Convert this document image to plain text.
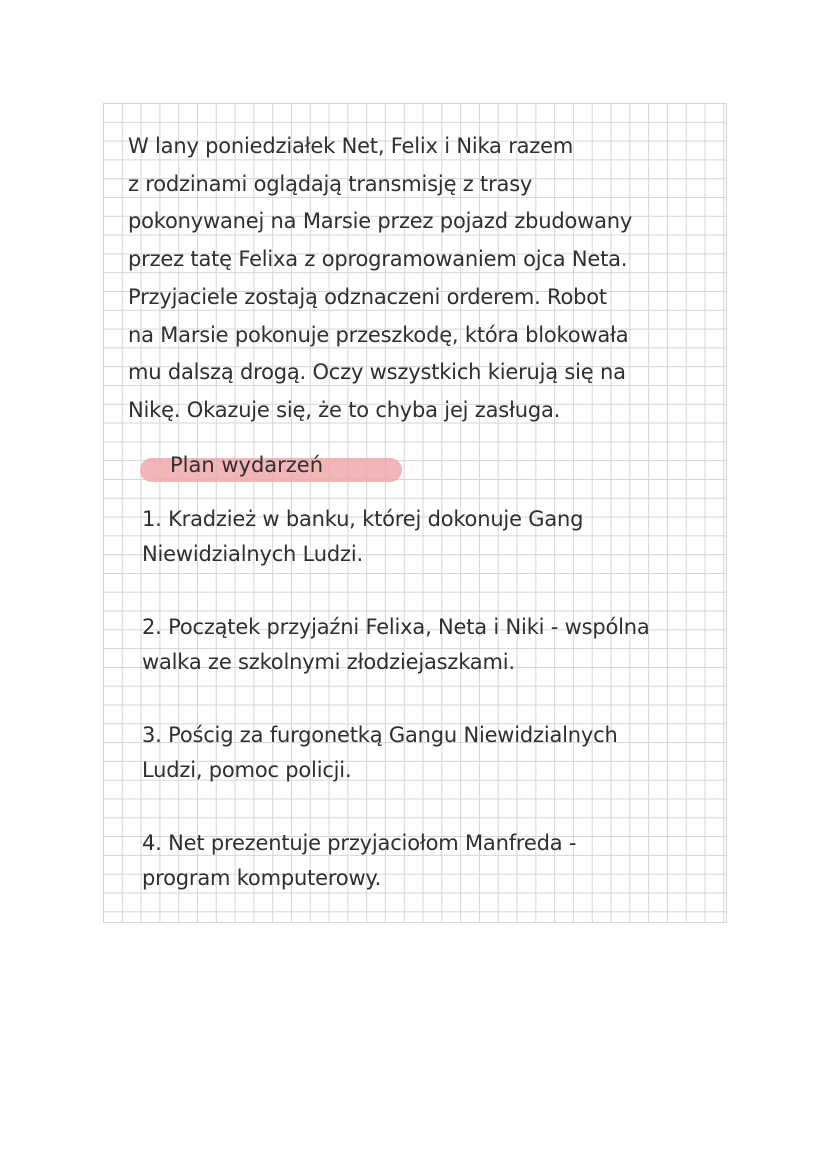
W lany poniedziałek Net, Felix i Nika razem
z rodzinami oglądają transmisję z trasy
pokonywanej na Marsie przez pojazd zbudowany
przez tatę Felixa z oprogramowaniem ojca Neta.
Przyjaciele zostają odznaczeni orderem. Robot
na Marsie pokonuje przeszkodę, która blokowała
mu dalszą drogą. Oczy wszystkich kierują się na
Nikę. Okazuje się, że to chyba jej zasługa.

Plan wydarzeń

1. Kradzież w banku, której dokonuje Gang
Niewidzialnych Ludzi.

2. Początek przyjaźni Felixa, Neta i Niki - wspólna
walka ze szkolnymi złodziejaszkami.

3. Pościg za furgonetką Gangu Niewidzialnych
Ludzi, pomoc policji.

4. Net prezentuje przyjaciołom Manfreda -
program komputerowy.
